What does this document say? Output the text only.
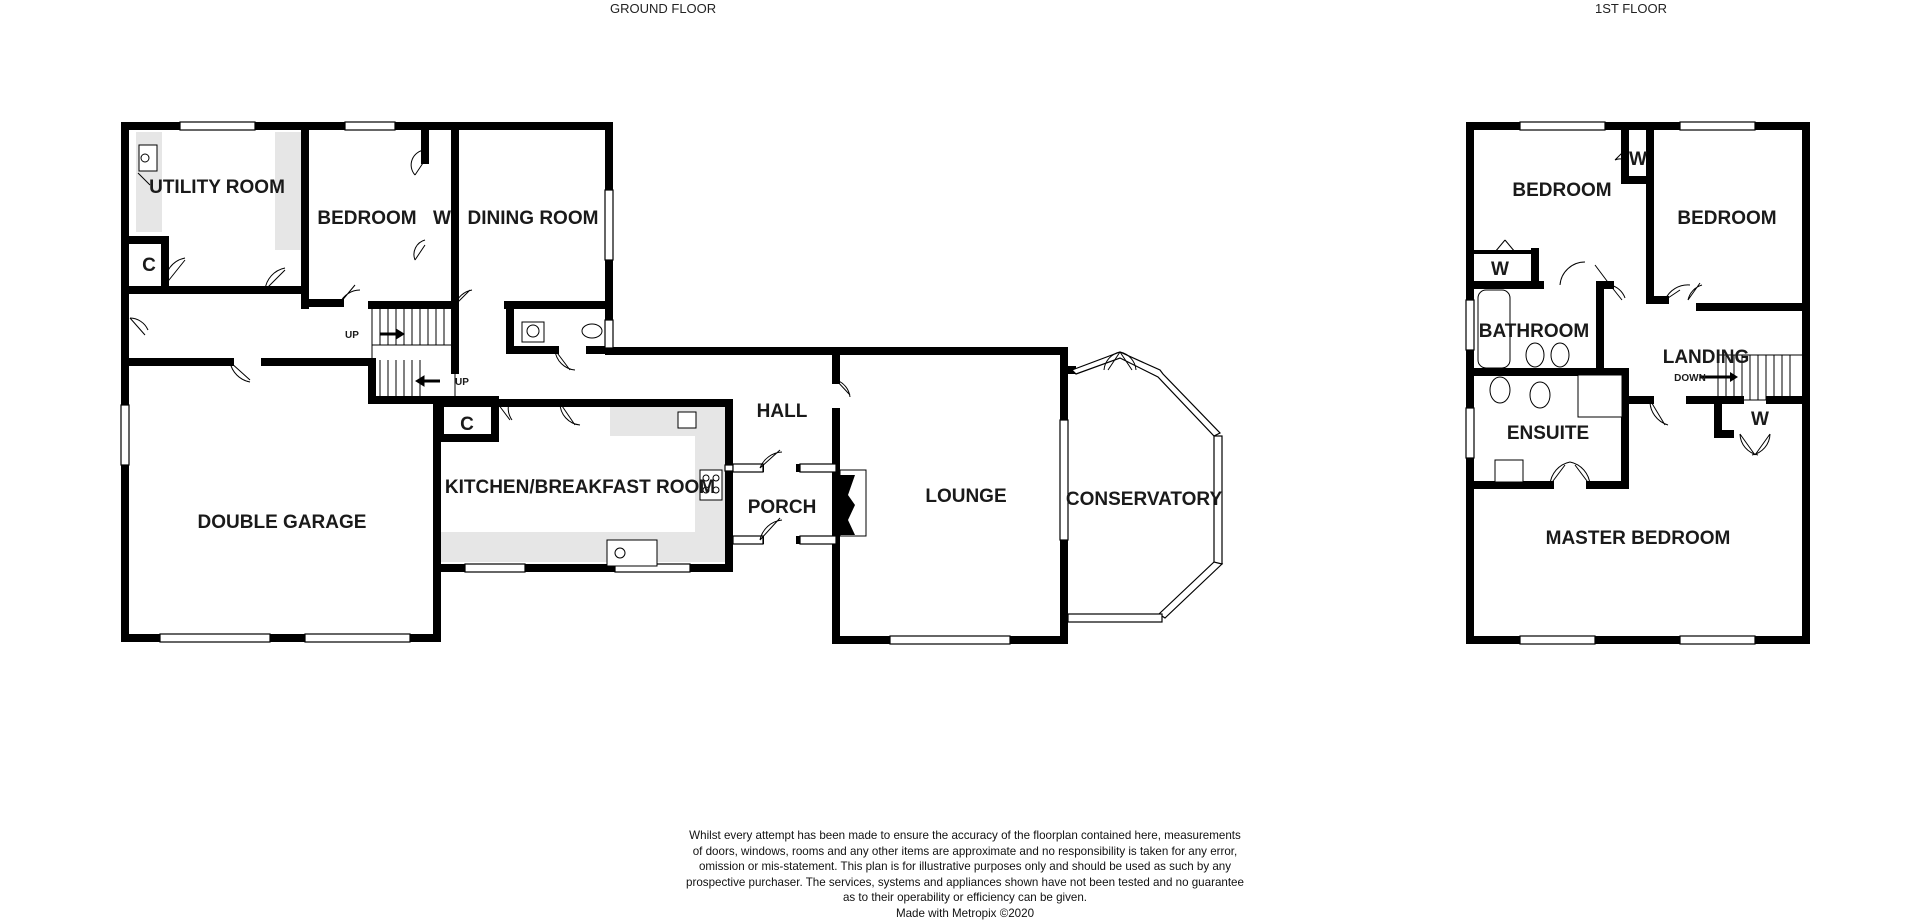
GROUND FLOOR	1ST FLOOR
UTILITY ROOM
BEDROOM W DINING ROOM
C
UP
UP
C
HALL
KITCHEN/BREAKFAST ROOM
PORCH
LOUNGE	CONSERVATORY
DOUBLE GARAGE
BEDROOM
W
BEDROOM
W
BATHROOM
LANDING
DOWN
W
ENSUITE
MASTER BEDROOM
Whilst every attempt has been made to ensure the accuracy of the floorplan contained here, measurements
of doors, windows, rooms and any other items are approximate and no responsibility is taken for any error,
omission or mis-statement. This plan is for illustrative purposes only and should be used as such by any
prospective purchaser. The services, systems and appliances shown have not been tested and no guarantee
as to their operability or efficiency can be given.
Made with Metropix ©2020
